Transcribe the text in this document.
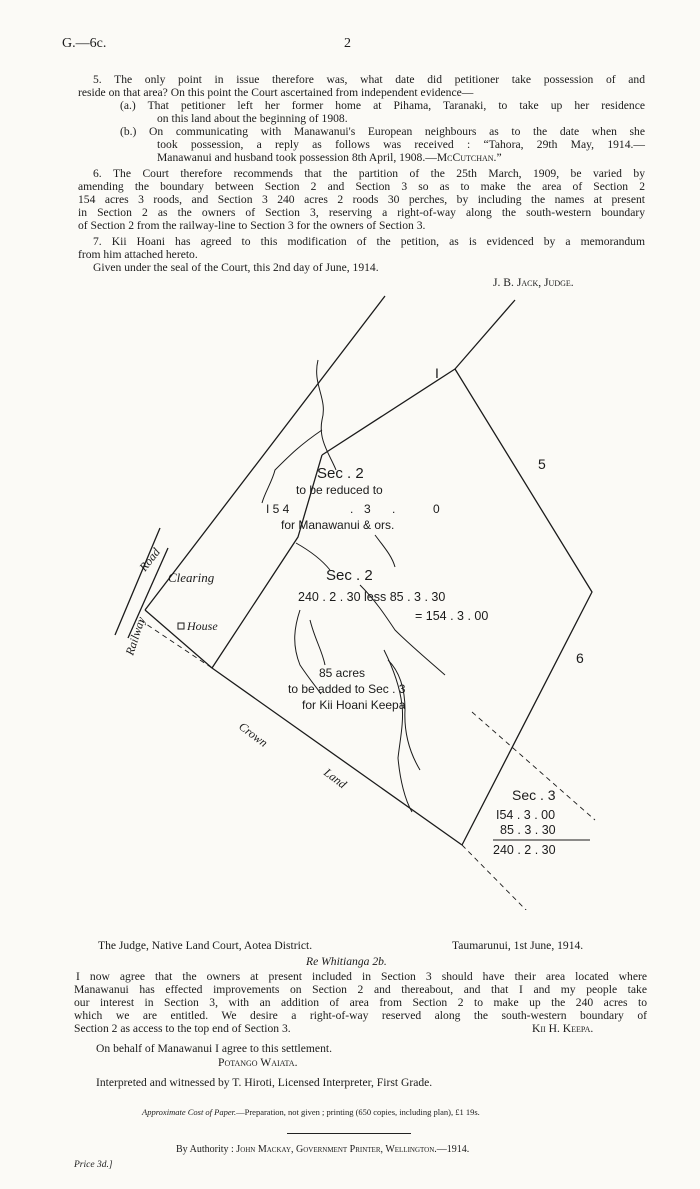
G.—6c.	2
5. The only point in issue therefore was, what date did petitioner take possession of and
reside on that area? On this point the Court ascertained from independent evidence—
(a.) That petitioner left her former home at Pihama, Taranaki, to take up her residence
on this land about the beginning of 1908.
(b.) On communicating with Manawanui's European neighbours as to the date when she
took possession, a reply as follows was received : “Tahora, 29th May, 1914.—
Manawanui and husband took possession 8th April, 1908.—McCutchan.”
6. The Court therefore recommends that the partition of the 25th March, 1909, be varied by
amending the boundary between Section 2 and Section 3 so as to make the area of Section 2
154 acres 3 roods, and Section 3 240 acres 2 roods 30 perches, by including the names at present
in Section 2 as the owners of Section 3, reserving a right-of-way along the south-western boundary
of Section 2 from the railway-line to Section 3 for the owners of Section 3.
7. Kii Hoani has agreed to this modification of the petition, as is evidenced by a memorandum
from him attached hereto.
Given under the seal of the Court, this 2nd day of June, 1914.
J. B. Jack, Judge.
I
5
6
Sec . 2
to be reduced to
I 5 4	. 3 .	0
for Manawanui & ors.
Sec . 2
240 . 2 . 30 less 85 . 3 . 30
= 154 . 3 . 00
85 acres
to be added to Sec . 3
for Kii Hoani Keepa
Sec . 3
I54 . 3 . 00
85 . 3 . 30
240 . 2 . 30
Railway
Road
Clearing
House
Crown
Land
The Judge, Native Land Court, Aotea District.	Taumarunui, 1st June, 1914.
Re Whitianga 2b.
I now agree that the owners at present included in Section 3 should have their area located where
Manawanui has effected improvements on Section 2 and thereabout, and that I and my people take
our interest in Section 3, with an addition of area from Section 2 to make up the 240 acres to
which we are entitled. We desire a right-of-way reserved along the south-western boundary of
Section 2 as access to the top end of Section 3.	Kii H. Keepa.
On behalf of Manawanui I agree to this settlement.
Potango Waiata.
Interpreted and witnessed by T. Hiroti, Licensed Interpreter, First Grade.
Approximate Cost of Paper.—Preparation, not given ; printing (650 copies, including plan), £1 19s.
By Authority : John Mackay, Government Printer, Wellington.—1914.
Price 3d.]
